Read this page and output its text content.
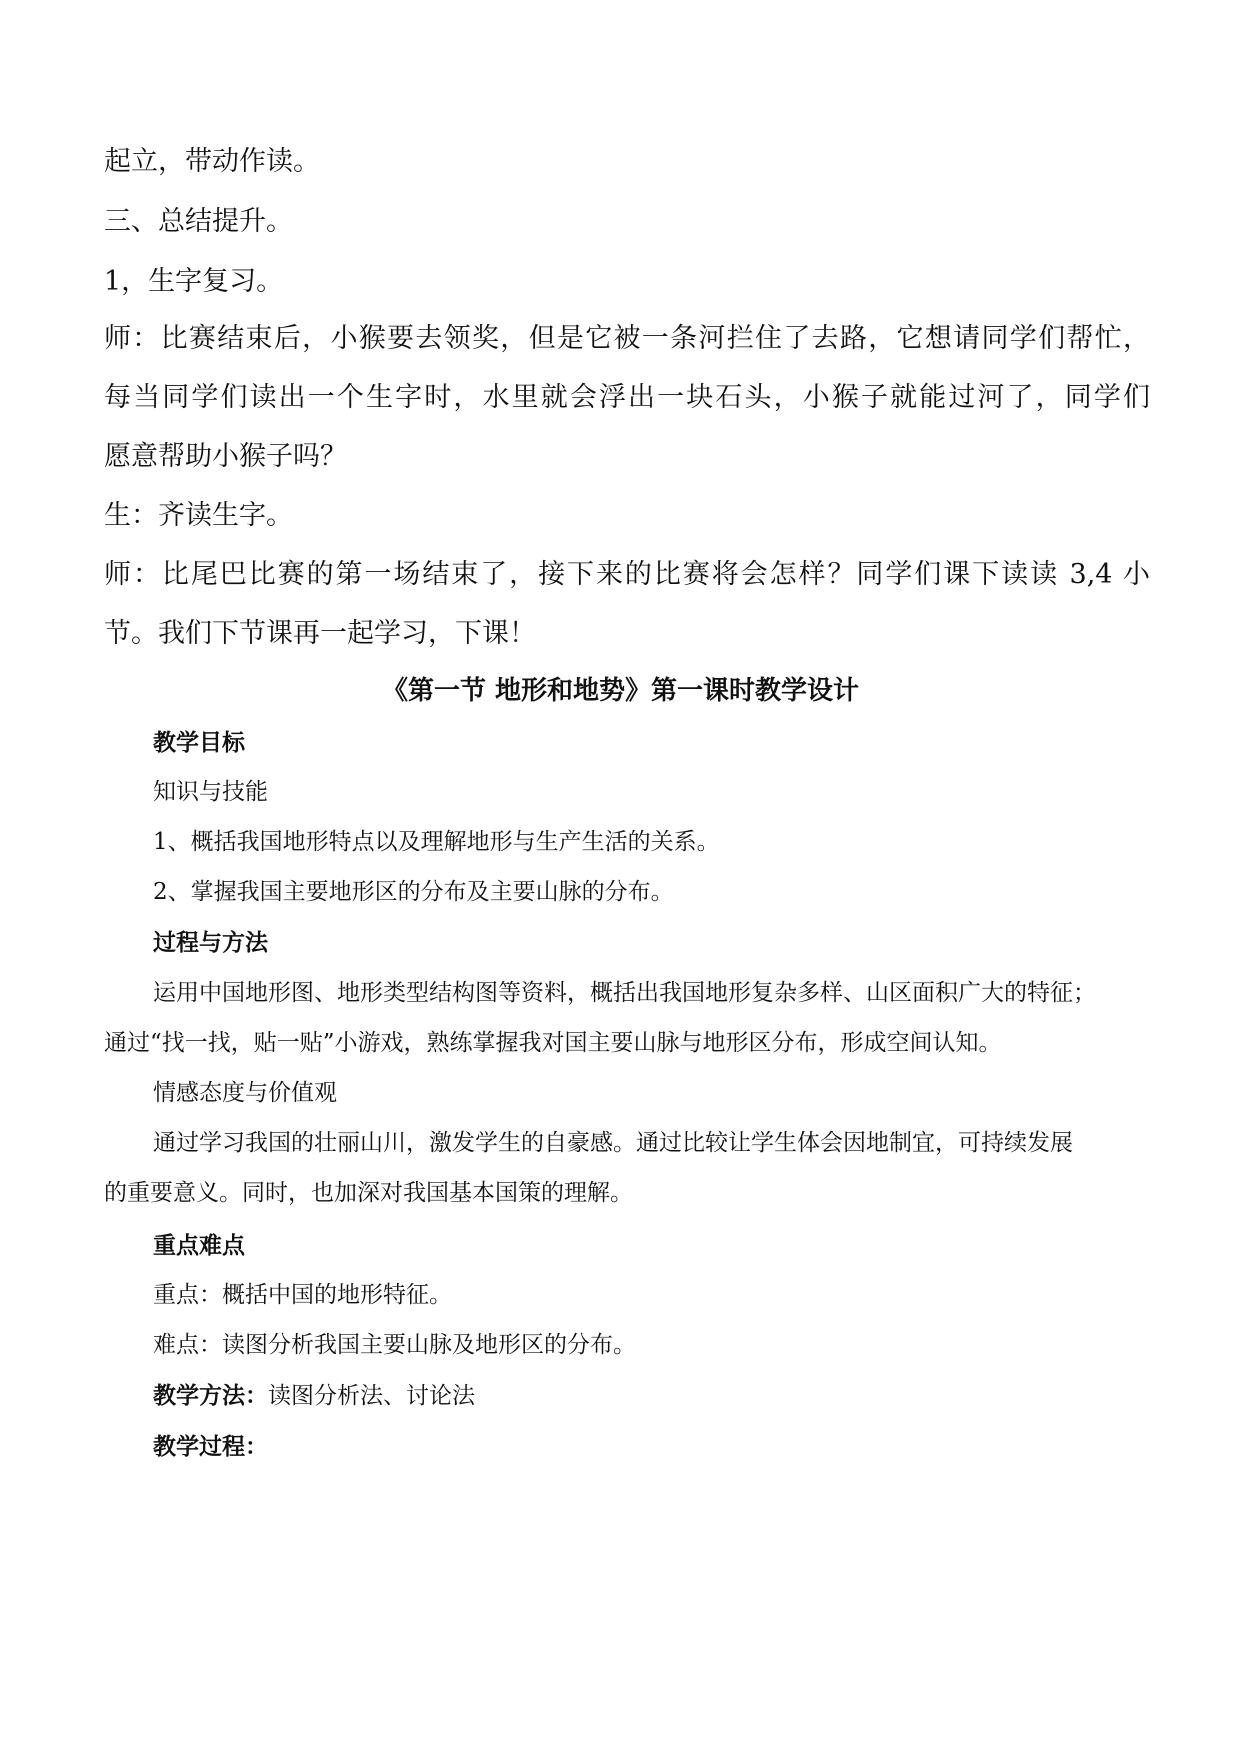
起立，带动作读。
三、总结提升。
1，生字复习。
师：比赛结束后，小猴要去领奖，但是它被一条河拦住了去路，它想请同学们帮忙，
每当同学们读出一个生字时，水里就会浮出一块石头，小猴子就能过河了，同学们
愿意帮助小猴子吗？
生：齐读生字。
师：比尾巴比赛的第一场结束了，接下来的比赛将会怎样？同学们课下读读 3,4 小
节。我们下节课再一起学习，下课！
《第一节 地形和地势》第一课时教学设计
教学目标
知识与技能
1、概括我国地形特点以及理解地形与生产生活的关系。
2、掌握我国主要地形区的分布及主要山脉的分布。
过程与方法
运用中国地形图、地形类型结构图等资料，概括出我国地形复杂多样、山区面积广大的特征；
通过“找一找，贴一贴”小游戏，熟练掌握我对国主要山脉与地形区分布，形成空间认知。
情感态度与价值观
通过学习我国的壮丽山川，激发学生的自豪感。通过比较让学生体会因地制宜，可持续发展
的重要意义。同时，也加深对我国基本国策的理解。
重点难点
重点：概括中国的地形特征。
难点：读图分析我国主要山脉及地形区的分布。
教学方法：读图分析法、讨论法
教学过程：
